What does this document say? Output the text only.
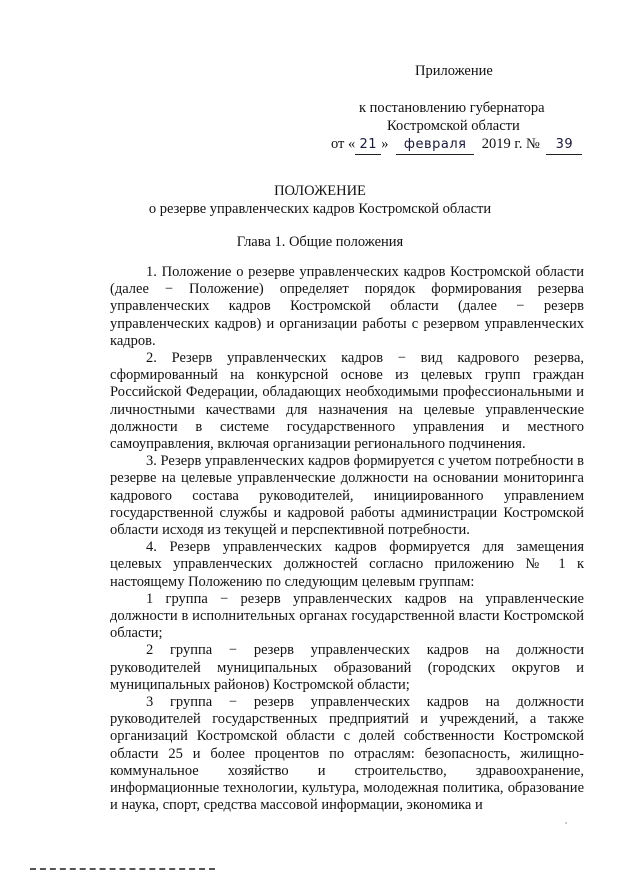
Приложение
к постановлению губернатора
Костромской области
от « 21 » февраля 2019 г. № 39
ПОЛОЖЕНИЕ
о резерве управленческих кадров Костромской области
Глава 1. Общие положения

1. Положение о резерве управленческих кадров Костромской области (далее − Положение) определяет порядок формирования резерва управленческих кадров Костромской области (далее − резерв управленческих кадров) и организации работы с резервом управленческих кадров.

2. Резерв управленческих кадров − вид кадрового резерва, сформированный на конкурсной основе из целевых групп граждан Российской Федерации, обладающих необходимыми профессиональными и личностными качествами для назначения на целевые управленческие должности в системе государственного управления и местного самоуправления, включая организации регионального подчинения.

3. Резерв управленческих кадров формируется с учетом потребности в резерве на целевые управленческие должности на основании мониторинга кадрового состава руководителей, инициированного управлением государственной службы и кадровой работы администрации Костромской области исходя из текущей и перспективной потребности.

4. Резерв управленческих кадров формируется для замещения целевых управленческих должностей согласно приложению № 1 к настоящему Положению по следующим целевым группам:

1 группа − резерв управленческих кадров на управленческие должности в исполнительных органах государственной власти Костромской области;

2 группа − резерв управленческих кадров на должности руководителей муниципальных образований (городских округов и муниципальных районов) Костромской области;

3 группа − резерв управленческих кадров на должности руководителей государственных предприятий и учреждений, а также организаций Костромской области с долей собственности Костромской области 25 и более процентов по отраслям: безопасность, жилищно-коммунальное хозяйство и строительство, здравоохранение, информационные технологии, культура, молодежная политика, образование и наука, спорт, средства массовой информации, экономика и
